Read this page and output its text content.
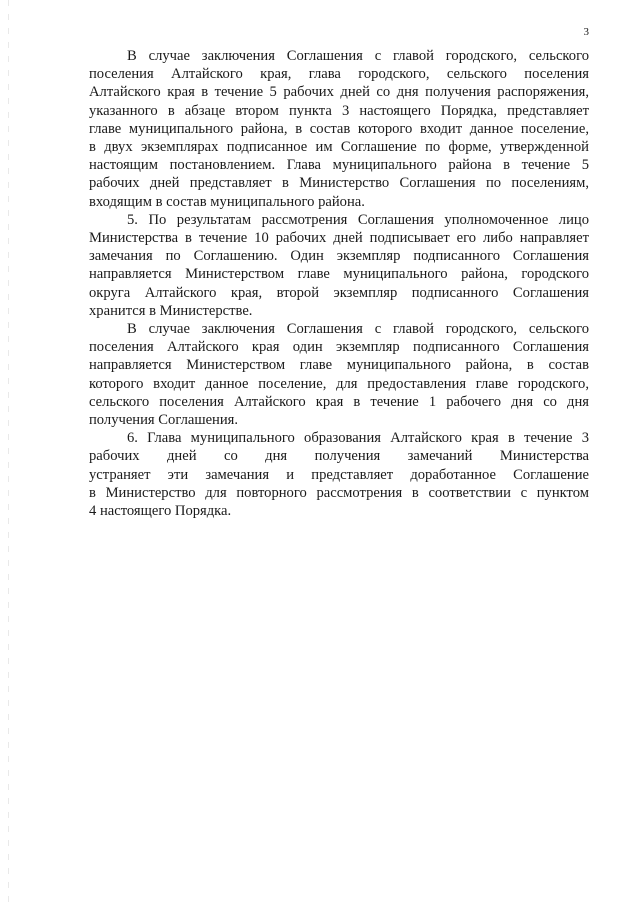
3

В случае заключения Соглашения с главой городского, сельского
поселения Алтайского края, глава городского, сельского поселения
Алтайского края в течение 5 рабочих дней со дня получения распоряжения,
указанного в абзаце втором пункта 3 настоящего Порядка, представляет
главе муниципального района, в состав которого входит данное поселение,
в двух экземплярах подписанное им Соглашение по форме, утвержденной
настоящим постановлением. Глава муниципального района в течение 5
рабочих дней представляет в Министерство Соглашения по поселениям,
входящим в состав муниципального района.

5. По результатам рассмотрения Соглашения уполномоченное лицо
Министерства в течение 10 рабочих дней подписывает его либо направляет
замечания по Соглашению. Один экземпляр подписанного Соглашения
направляется Министерством главе муниципального района, городского
округа Алтайского края, второй экземпляр подписанного Соглашения
хранится в Министерстве.

В случае заключения Соглашения с главой городского, сельского
поселения Алтайского края один экземпляр подписанного Соглашения
направляется Министерством главе муниципального района, в состав
которого входит данное поселение, для предоставления главе городского,
сельского поселения Алтайского края в течение 1 рабочего дня со дня
получения Соглашения.

6. Глава муниципального образования Алтайского края в течение 3
рабочих дней со дня получения замечаний Министерства
устраняет эти замечания и представляет доработанное Соглашение
в Министерство для повторного рассмотрения в соответствии с пунктом
4 настоящего Порядка.
